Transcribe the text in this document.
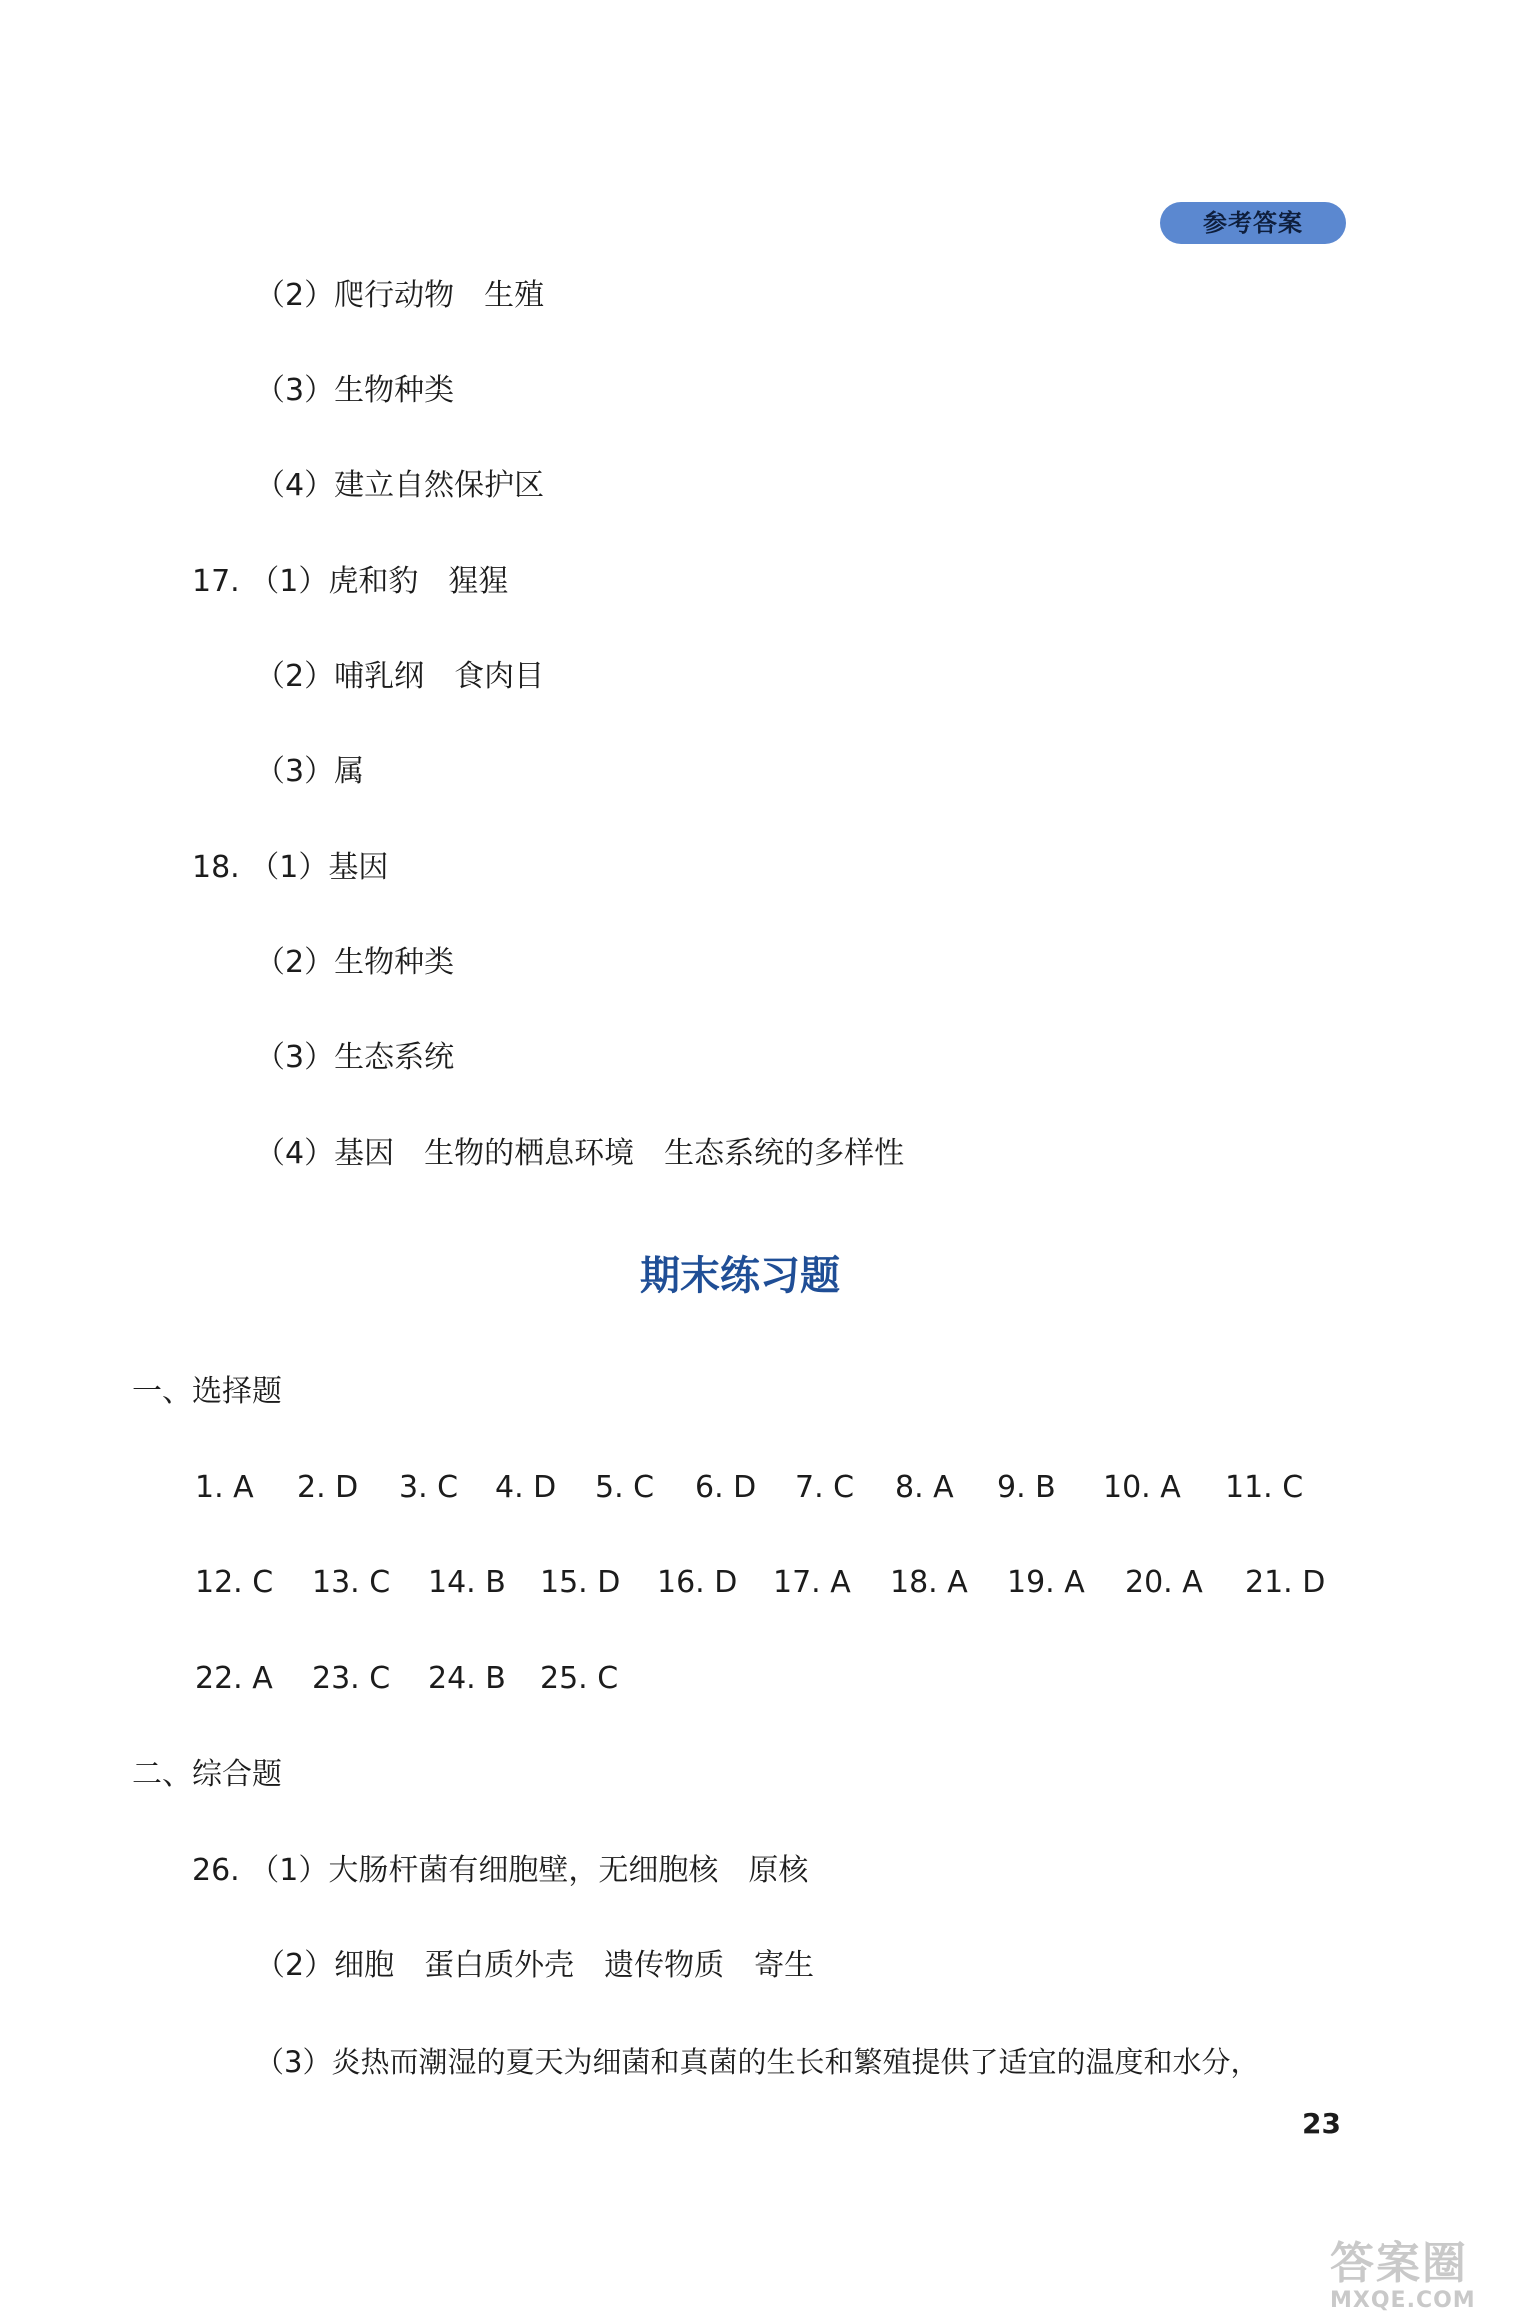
参考答案
（2）爬行动物　生殖
（3）生物种类
（4）建立自然保护区
17. （1）虎和豹　猩猩
（2）哺乳纲　食肉目
（3）属
18. （1）基因
（2）生物种类
（3）生态系统
（4）基因　生物的栖息环境　生态系统的多样性
期末练习题
一、选择题
1. A 2. D 3. C 4. D 5. C 6. D 7. C 8. A 9. B 10. A 11. C
12. C 13. C 14. B 15. D 16. D 17. A 18. A 19. A 20. A 21. D
22. A 23. C 24. B 25. C
二、综合题
26. （1）大肠杆菌有细胞壁，无细胞核　原核
（2）细胞　蛋白质外壳　遗传物质　寄生
（3）炎热而潮湿的夏天为细菌和真菌的生长和繁殖提供了适宜的温度和水分，
23
答案圈
MXQE.COM
